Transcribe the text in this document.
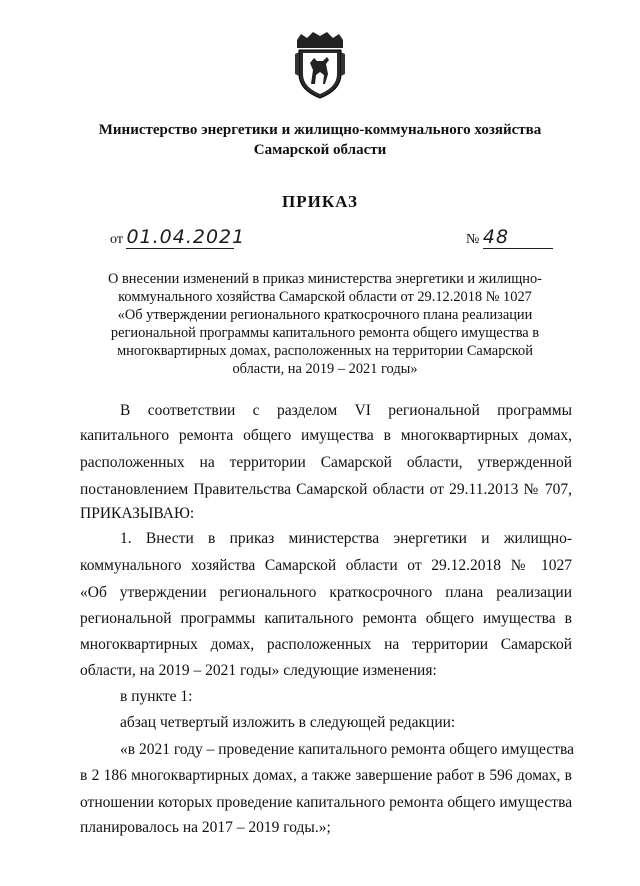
Министерство энергетики и жилищно-коммунального хозяйства
Самарской области
ПРИКАЗ
от 01.04.2021	№ 48
О внесении изменений в приказ министерства энергетики и жилищно-
коммунального хозяйства Самарской области от 29.12.2018 № 1027
«Об утверждении регионального краткосрочного плана реализации
региональной программы капитального ремонта общего имущества в
многоквартирных домах, расположенных на территории Самарской
области, на 2019 – 2021 годы»
В соответствии с разделом VI региональной программы
капитального ремонта общего имущества в многоквартирных домах,
расположенных на территории Самарской области, утвержденной
постановлением Правительства Самарской области от 29.11.2013 № 707,
ПРИКАЗЫВАЮ:
1. Внести в приказ министерства энергетики и жилищно-
коммунального хозяйства Самарской области от 29.12.2018 № 1027
«Об утверждении регионального краткосрочного плана реализации
региональной программы капитального ремонта общего имущества в
многоквартирных домах, расположенных на территории Самарской
области, на 2019 – 2021 годы» следующие изменения:
в пункте 1:
абзац четвертый изложить в следующей редакции:
«в 2021 году – проведение капитального ремонта общего имущества
в 2 186 многоквартирных домах, а также завершение работ в 596 домах, в
отношении которых проведение капитального ремонта общего имущества
планировалось на 2017 – 2019 годы.»;
